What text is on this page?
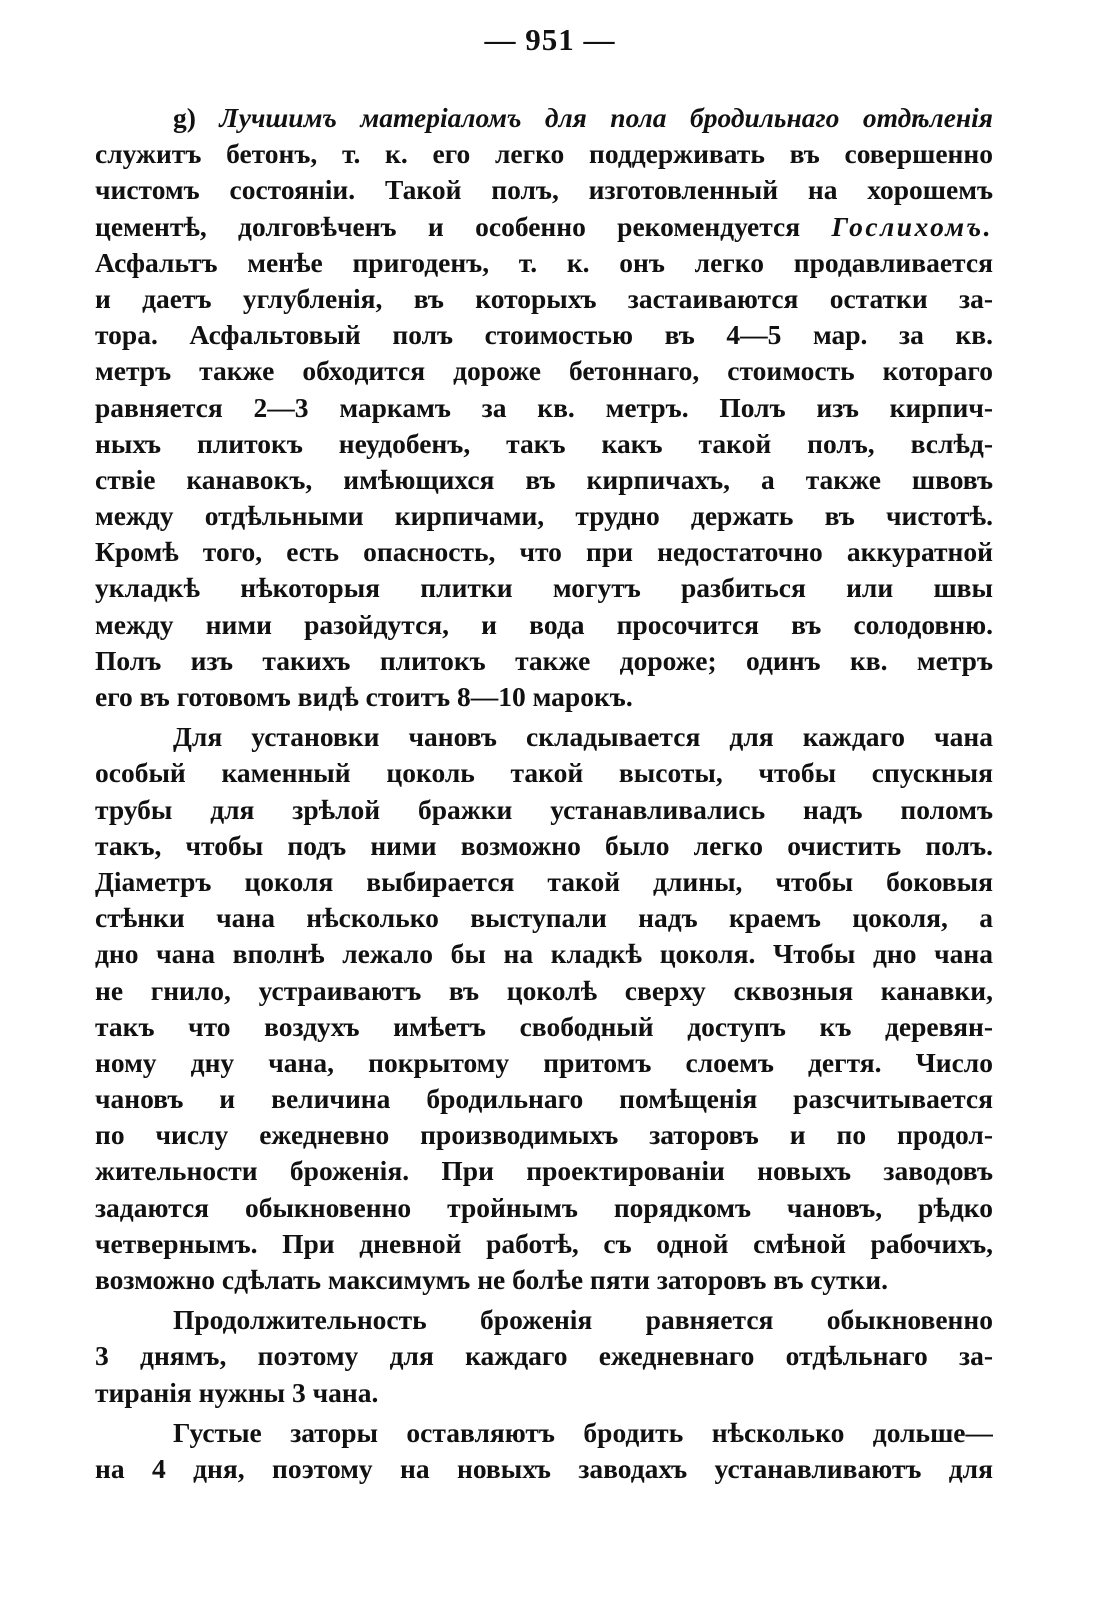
— 951 —
g) Лучшимъ матеріаломъ для пола бродильнаго отдѣленія
служитъ бетонъ, т. к. его легко поддерживать въ совершенно
чистомъ состояніи. Такой полъ, изготовленный на хорошемъ
цементѣ, долговѣченъ и особенно рекомендуется Гослихомъ.
Асфальтъ менѣе пригоденъ, т. к. онъ легко продавливается
и даетъ углубленія, въ которыхъ застаиваются остатки за-
тора. Асфальтовый полъ стоимостью въ 4—5 мар. за кв.
метръ также обходится дороже бетоннаго, стоимость котораго
равняется 2—3 маркамъ за кв. метръ. Полъ изъ кирпич-
ныхъ плитокъ неудобенъ, такъ какъ такой полъ, вслѣд-
ствіе канавокъ, имѣющихся въ кирпичахъ, а также швовъ
между отдѣльными кирпичами, трудно держать въ чистотѣ.
Кромѣ того, есть опасность, что при недостаточно аккуратной
укладкѣ нѣкоторыя плитки могутъ разбиться или швы
между ними разойдутся, и вода просочится въ солодовню.
Полъ изъ такихъ плитокъ также дороже; одинъ кв. метръ
его въ готовомъ видѣ стоитъ 8—10 марокъ.
Для установки чановъ складывается для каждаго чана
особый каменный цоколь такой высоты, чтобы спускныя
трубы для зрѣлой бражки устанавливались надъ поломъ
такъ, чтобы подъ ними возможно было легко очистить полъ.
Діаметръ цоколя выбирается такой длины, чтобы боковыя
стѣнки чана нѣсколько выступали надъ краемъ цоколя, а
дно чана вполнѣ лежало бы на кладкѣ цоколя. Чтобы дно чана
не гнило, устраиваютъ въ цоколѣ сверху сквозныя канавки,
такъ что воздухъ имѣетъ свободный доступъ къ деревян-
ному дну чана, покрытому притомъ слоемъ дегтя. Число
чановъ и величина бродильнаго помѣщенія разсчитывается
по числу ежедневно производимыхъ заторовъ и по продол-
жительности броженія. При проектированіи новыхъ заводовъ
задаются обыкновенно тройнымъ порядкомъ чановъ, рѣдко
четвернымъ. При дневной работѣ, съ одной смѣной рабочихъ,
возможно сдѣлать максимумъ не болѣе пяти заторовъ въ сутки.
Продолжительность броженія равняется обыкновенно
3 днямъ, поэтому для каждаго ежедневнаго отдѣльнаго за-
тиранія нужны 3 чана.
Густые заторы оставляютъ бродить нѣсколько дольше—
на 4 дня, поэтому на новыхъ заводахъ устанавливаютъ для
